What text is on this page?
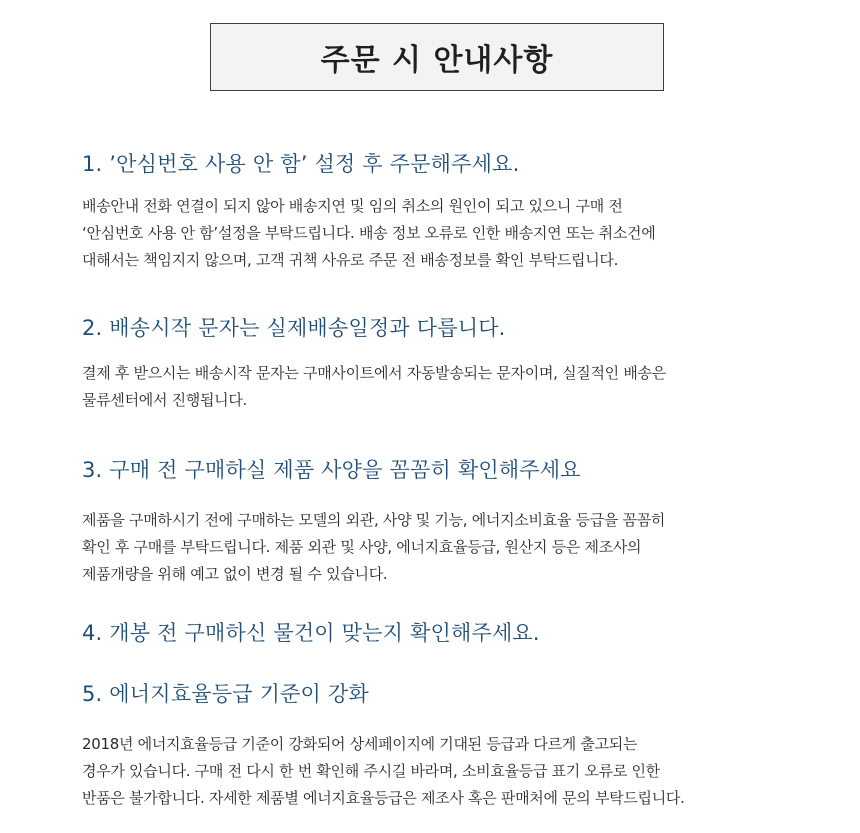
주문 시 안내사항
1. ’안심번호 사용 안 함’ 설정 후 주문해주세요.
배송안내 전화 연결이 되지 않아 배송지연 및 임의 취소의 원인이 되고 있으니 구매 전
‘안심번호 사용 안 함’설정을 부탁드립니다. 배송 정보 오류로 인한 배송지연 또는 취소건에
대해서는 책임지지 않으며, 고객 귀책 사유로 주문 전 배송정보를 확인 부탁드립니다.
2. 배송시작 문자는 실제배송일정과 다릅니다.
결제 후 받으시는 배송시작 문자는 구매사이트에서 자동발송되는 문자이며, 실질적인 배송은
물류센터에서 진행됩니다.
3. 구매 전 구매하실 제품 사양을 꼼꼼히 확인해주세요
제품을 구매하시기 전에 구매하는 모델의 외관, 사양 및 기능, 에너지소비효율 등급을 꼼꼼히
확인 후 구매를 부탁드립니다. 제품 외관 및 사양, 에너지효율등급, 원산지 등은 제조사의
제품개량을 위해 예고 없이 변경 될 수 있습니다.
4. 개봉 전 구매하신 물건이 맞는지 확인해주세요.
5. 에너지효율등급 기준이 강화
2018년 에너지효율등급 기준이 강화되어 상세페이지에 기대된 등급과 다르게 출고되는
경우가 있습니다. 구매 전 다시 한 번 확인해 주시길 바라며, 소비효율등급 표기 오류로 인한
반품은 불가합니다. 자세한 제품별 에너지효율등급은 제조사 혹은 판매처에 문의 부탁드립니다.
